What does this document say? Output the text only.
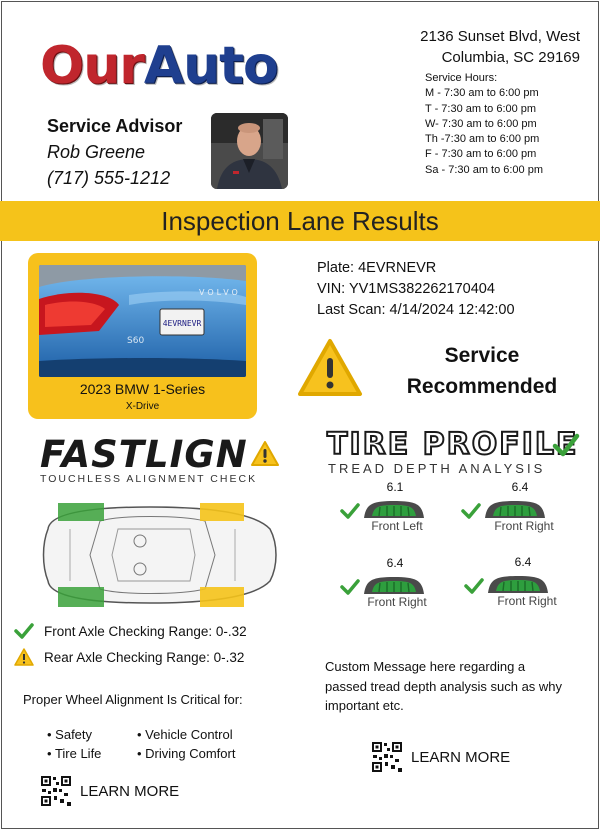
OurAuto
Service Advisor
Rob Greene
(717) 555-1212
2136 Sunset Blvd, West
Columbia, SC 29169
Service Hours:
M - 7:30 am to 6:00 pm
T - 7:30 am to 6:00 pm
W- 7:30 am to 6:00 pm
Th -7:30 am to 6:00 pm
F - 7:30 am to 6:00 pm
Sa - 7:30 am to 6:00 pm
Inspection Lane Results
4EVRNEVR
S60
VOLVO
2023 BMW 1-Series
X-Drive
Plate: 4EVRNEVR
VIN: YV1MS382262170404
Last Scan: 4/14/2024 12:42:00
Service
Recommended
FASTLIGN
TOUCHLESS ALIGNMENT CHECK
Front Axle Checking Range: 0-.32
Rear Axle Checking Range: 0-.32
Proper Wheel Alignment Is Critical for:
• Safety	• Vehicle Control
• Tire Life	• Driving Comfort
LEARN MORE
TIRE PROFILE
TREAD DEPTH ANALYSIS
6.1
Front Left
6.4
Front Right
6.4
Front Right
6.4
Front Right
Custom Message here regarding a passed tread depth analysis such as why important etc.
LEARN MORE
